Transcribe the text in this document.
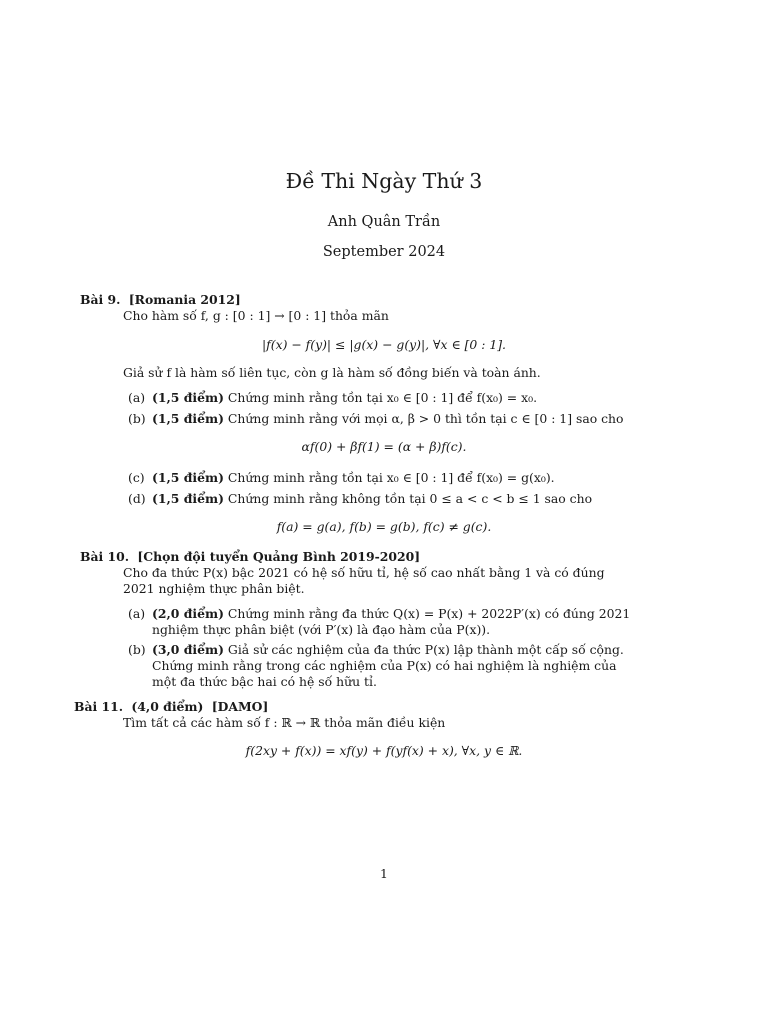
Đề Thi Ngày Thứ 3
Anh Quân Trần
September 2024
Bài 9. [Romania 2012]
Cho hàm số f, g : [0 : 1] → [0 : 1] thỏa mãn
|f(x) − f(y)| ≤ |g(x) − g(y)|, ∀x ∈ [0 : 1].
Giả sử f là hàm số liên tục, còn g là hàm số đồng biến và toàn ánh.
(a) (1,5 điểm) Chứng minh rằng tồn tại x₀ ∈ [0 : 1] để f(x₀) = x₀.
(b) (1,5 điểm) Chứng minh rằng với mọi α, β > 0 thì tồn tại c ∈ [0 : 1] sao cho
αf(0) + βf(1) = (α + β)f(c).
(c) (1,5 điểm) Chứng minh rằng tồn tại x₀ ∈ [0 : 1] để f(x₀) = g(x₀).
(d) (1,5 điểm) Chứng minh rằng không tồn tại 0 ≤ a < c < b ≤ 1 sao cho
f(a) = g(a), f(b) = g(b), f(c) ≠ g(c).
Bài 10. [Chọn đội tuyển Quảng Bình 2019-2020]
Cho đa thức P(x) bậc 2021 có hệ số hữu tỉ, hệ số cao nhất bằng 1 và có đúng 2021 nghiệm thực phân biệt.
(a) (2,0 điểm) Chứng minh rằng đa thức Q(x) = P(x) + 2022P′(x) có đúng 2021 nghiệm thực phân biệt (với P′(x) là đạo hàm của P(x)).
(b) (3,0 điểm) Giả sử các nghiệm của đa thức P(x) lập thành một cấp số cộng. Chứng minh rằng trong các nghiệm của P(x) có hai nghiệm là nghiệm của một đa thức bậc hai có hệ số hữu tỉ.
Bài 11. (4,0 điểm) [DAMO]
Tìm tất cả các hàm số f : ℝ → ℝ thỏa mãn điều kiện
f(2xy + f(x)) = xf(y) + f(yf(x) + x), ∀x, y ∈ ℝ.
1
